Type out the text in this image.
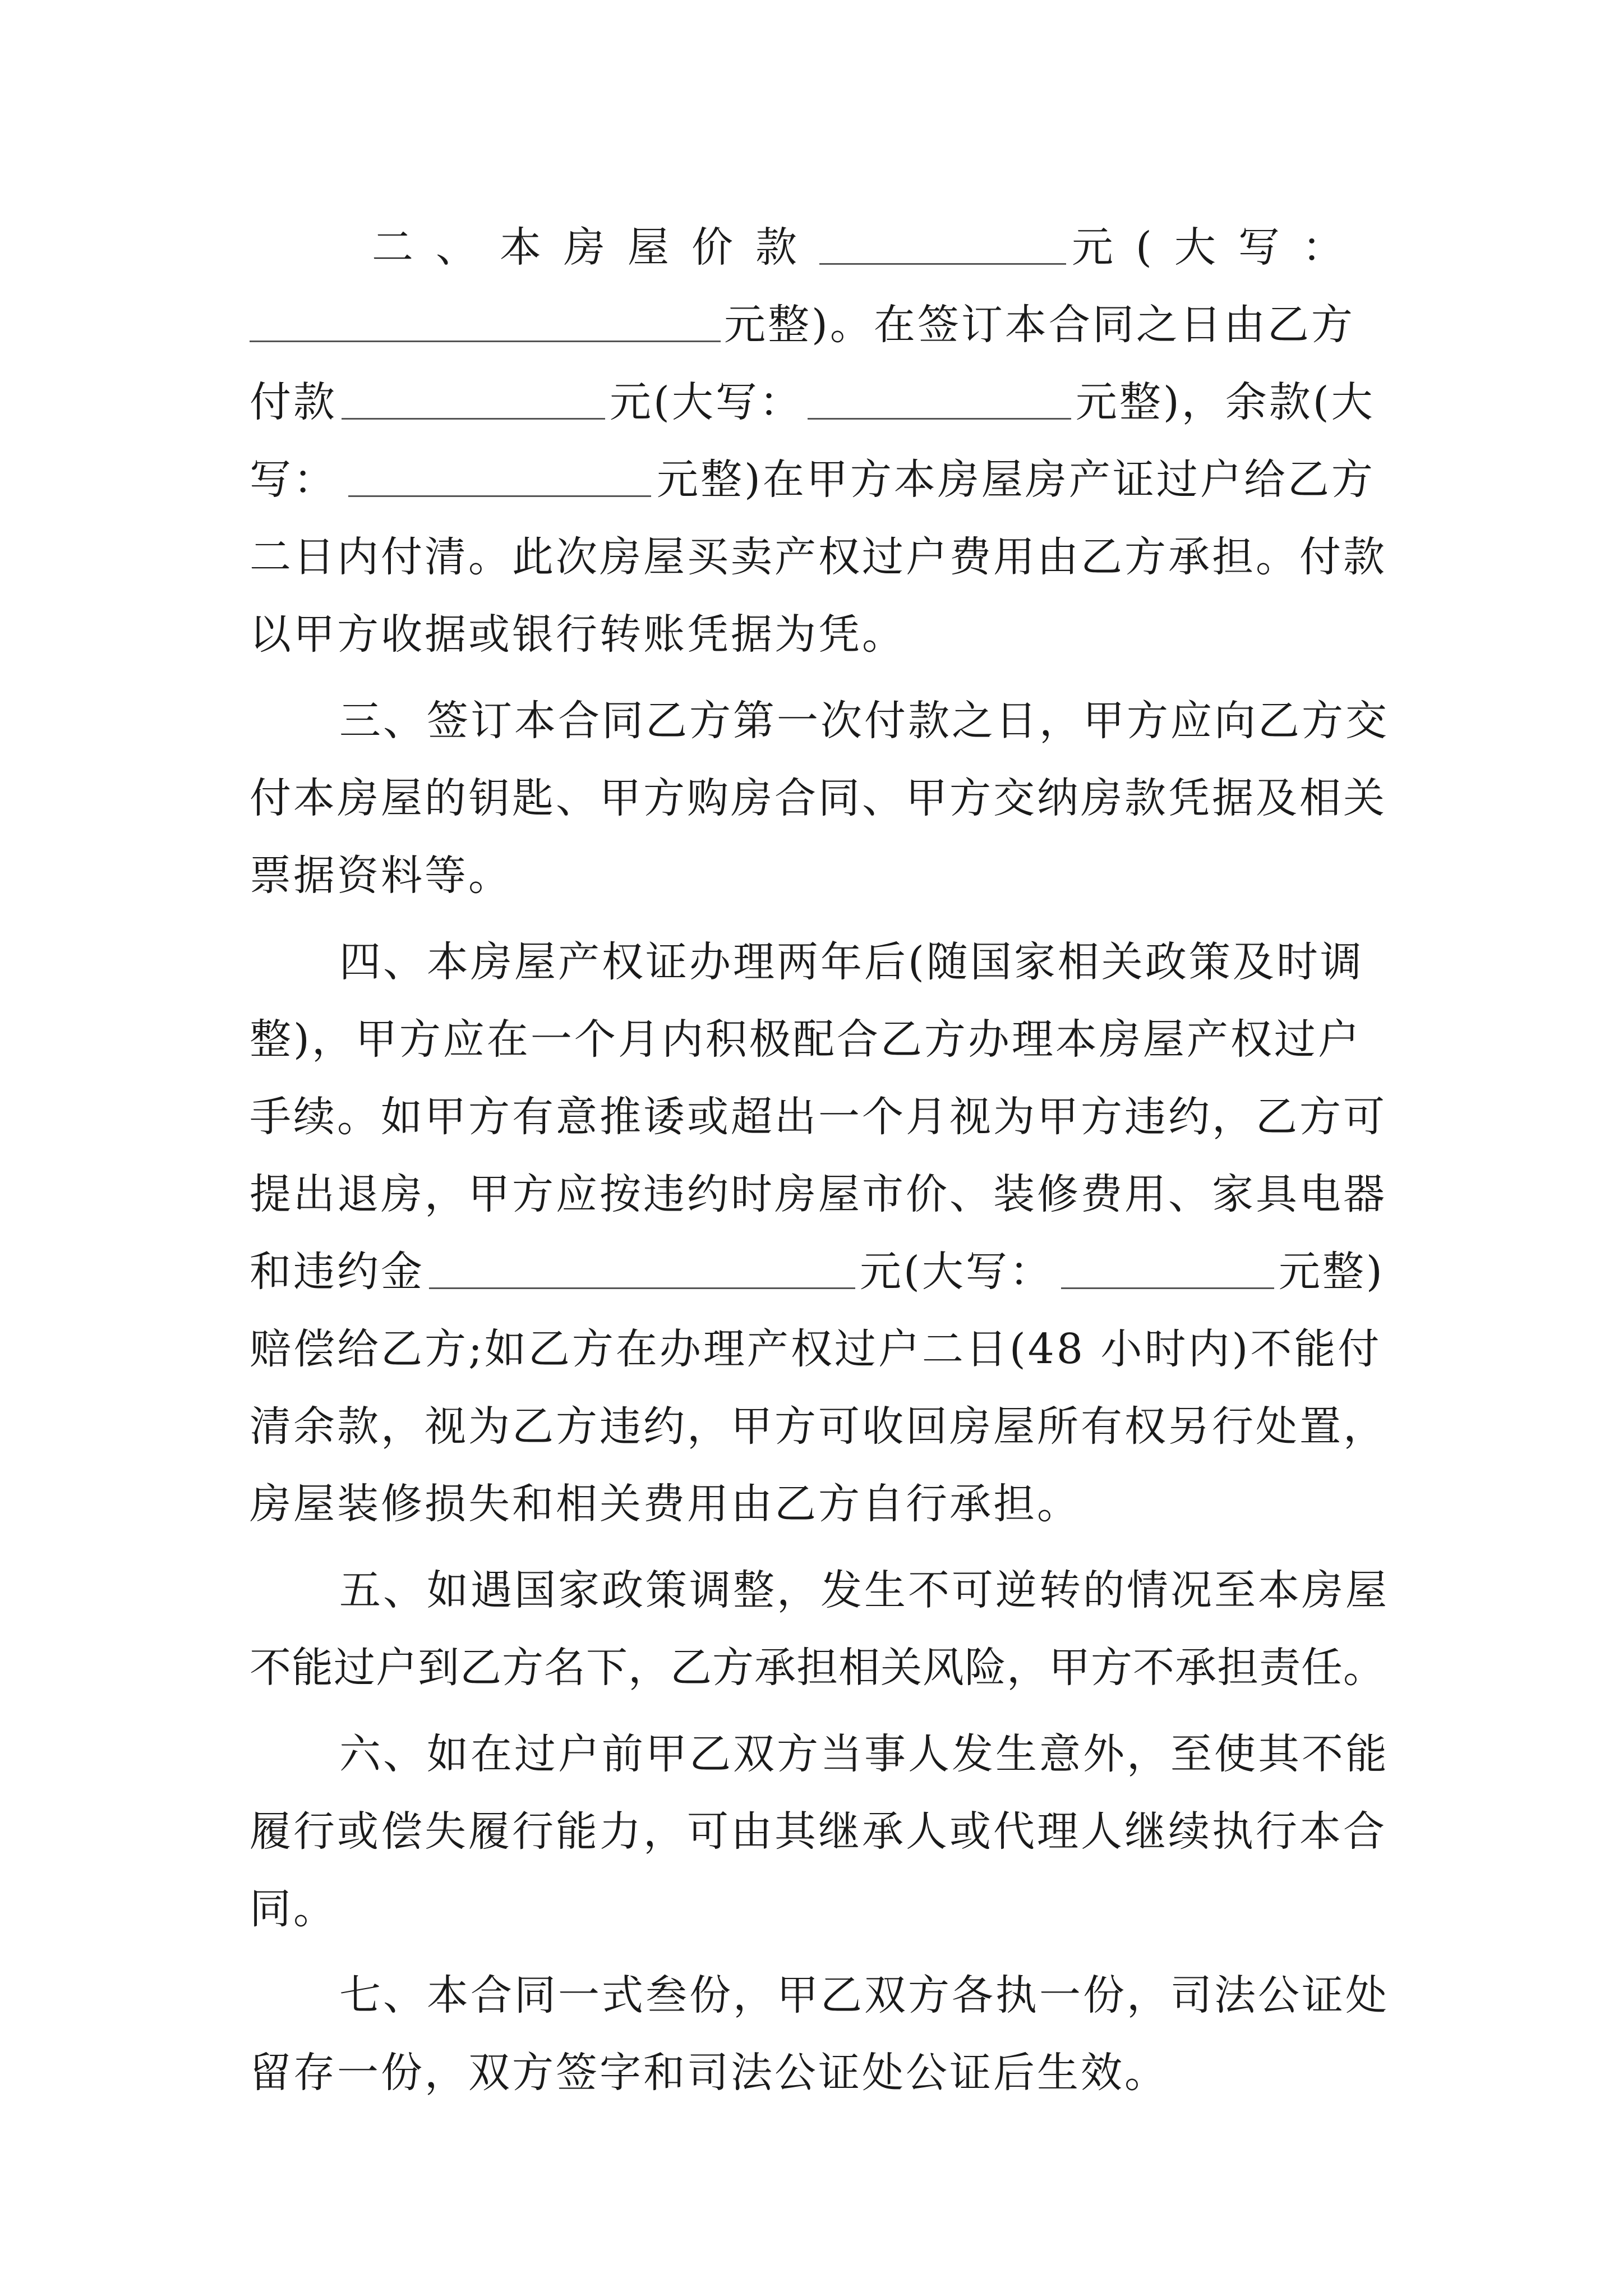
二、本房屋价款	元(大写：
元整)。在签订本合同之日由乙方
付款	元(大写：	元整)，余款(大
写：	元整)在甲方本房屋房产证过户给乙方
二日内付清。此次房屋买卖产权过户费用由乙方承担。付款
以甲方收据或银行转账凭据为凭。
三、签订本合同乙方第一次付款之日，甲方应向乙方交
付本房屋的钥匙、甲方购房合同、甲方交纳房款凭据及相关
票据资料等。
四、本房屋产权证办理两年后(随国家相关政策及时调
整)，甲方应在一个月内积极配合乙方办理本房屋产权过户
手续。如甲方有意推诿或超出一个月视为甲方违约，乙方可
提出退房，甲方应按违约时房屋市价、装修费用、家具电器
和违约金	元(大写：	元整)
赔偿给乙方;如乙方在办理产权过户二日(48 小时内)不能付
清余款，视为乙方违约，甲方可收回房屋所有权另行处置，
房屋装修损失和相关费用由乙方自行承担。
五、如遇国家政策调整，发生不可逆转的情况至本房屋
不能过户到乙方名下，乙方承担相关风险，甲方不承担责任。
六、如在过户前甲乙双方当事人发生意外，至使其不能
履行或偿失履行能力，可由其继承人或代理人继续执行本合
同。
七、本合同一式叁份，甲乙双方各执一份，司法公证处
留存一份，双方签字和司法公证处公证后生效。
